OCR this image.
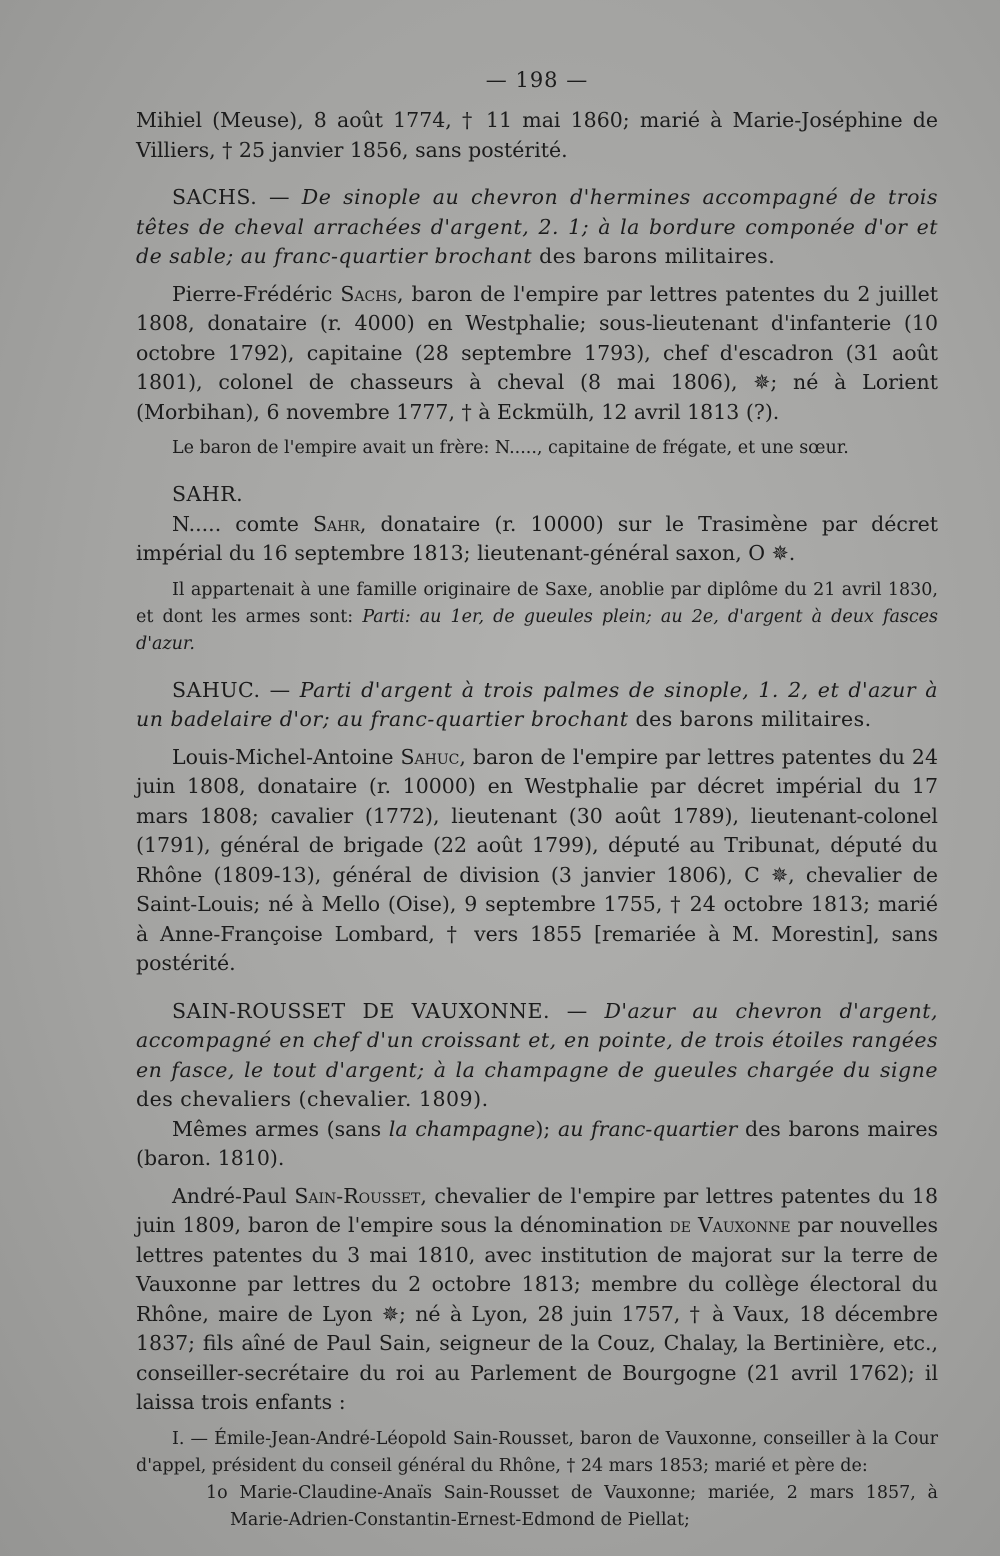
— 198 —

Mihiel (Meuse), 8 août 1774, † 11 mai 1860; marié à Marie-Joséphine de Villiers, † 25 janvier 1856, sans postérité.

SACHS. — De sinople au chevron d'hermines accompagné de trois têtes de cheval arrachées d'argent, 2. 1; à la bordure componée d'or et de sable; au franc-quartier brochant des barons militaires.

Pierre-Frédéric Sachs, baron de l'empire par lettres patentes du 2 juillet 1808, donataire (r. 4000) en Westphalie; sous-lieutenant d'infanterie (10 octobre 1792), capitaine (28 septembre 1793), chef d'escadron (31 août 1801), colonel de chasseurs à cheval (8 mai 1806), ✵; né à Lorient (Morbihan), 6 novembre 1777, † à Eckmülh, 12 avril 1813 (?).

Le baron de l'empire avait un frère: N....., capitaine de frégate, et une sœur.

SAHR.

N..... comte Sahr, donataire (r. 10000) sur le Trasimène par décret impérial du 16 septembre 1813; lieutenant-général saxon, O ✵.

Il appartenait à une famille originaire de Saxe, anoblie par diplôme du 21 avril 1830, et dont les armes sont: Parti: au 1er, de gueules plein; au 2e, d'argent à deux fasces d'azur.

SAHUC. — Parti d'argent à trois palmes de sinople, 1. 2, et d'azur à un badelaire d'or; au franc-quartier brochant des barons militaires.

Louis-Michel-Antoine Sahuc, baron de l'empire par lettres patentes du 24 juin 1808, donataire (r. 10000) en Westphalie par décret impérial du 17 mars 1808; cavalier (1772), lieutenant (30 août 1789), lieutenant-colonel (1791), général de brigade (22 août 1799), député au Tribunat, député du Rhône (1809-13), général de division (3 janvier 1806), C ✵, chevalier de Saint-Louis; né à Mello (Oise), 9 septembre 1755, † 24 octobre 1813; marié à Anne-Françoise Lombard, † vers 1855 [remariée à M. Morestin], sans postérité.

SAIN-ROUSSET DE VAUXONNE. — D'azur au chevron d'argent, accompagné en chef d'un croissant et, en pointe, de trois étoiles rangées en fasce, le tout d'argent; à la champagne de gueules chargée du signe des chevaliers (chevalier. 1809).

Mêmes armes (sans la champagne); au franc-quartier des barons maires (baron. 1810).

André-Paul Sain-Rousset, chevalier de l'empire par lettres patentes du 18 juin 1809, baron de l'empire sous la dénomination de Vauxonne par nouvelles lettres patentes du 3 mai 1810, avec institution de majorat sur la terre de Vauxonne par lettres du 2 octobre 1813; membre du collège électoral du Rhône, maire de Lyon ✵; né à Lyon, 28 juin 1757, † à Vaux, 18 décembre 1837; fils aîné de Paul Sain, seigneur de la Couz, Chalay, la Bertinière, etc., conseiller-secrétaire du roi au Parlement de Bourgogne (21 avril 1762); il laissa trois enfants :

I. — Émile-Jean-André-Léopold Sain-Rousset, baron de Vauxonne, conseiller à la Cour d'appel, président du conseil général du Rhône, † 24 mars 1853; marié et père de:

1o Marie-Claudine-Anaïs Sain-Rousset de Vauxonne; mariée, 2 mars 1857, à Marie-Adrien-Constantin-Ernest-Edmond de Piellat;
